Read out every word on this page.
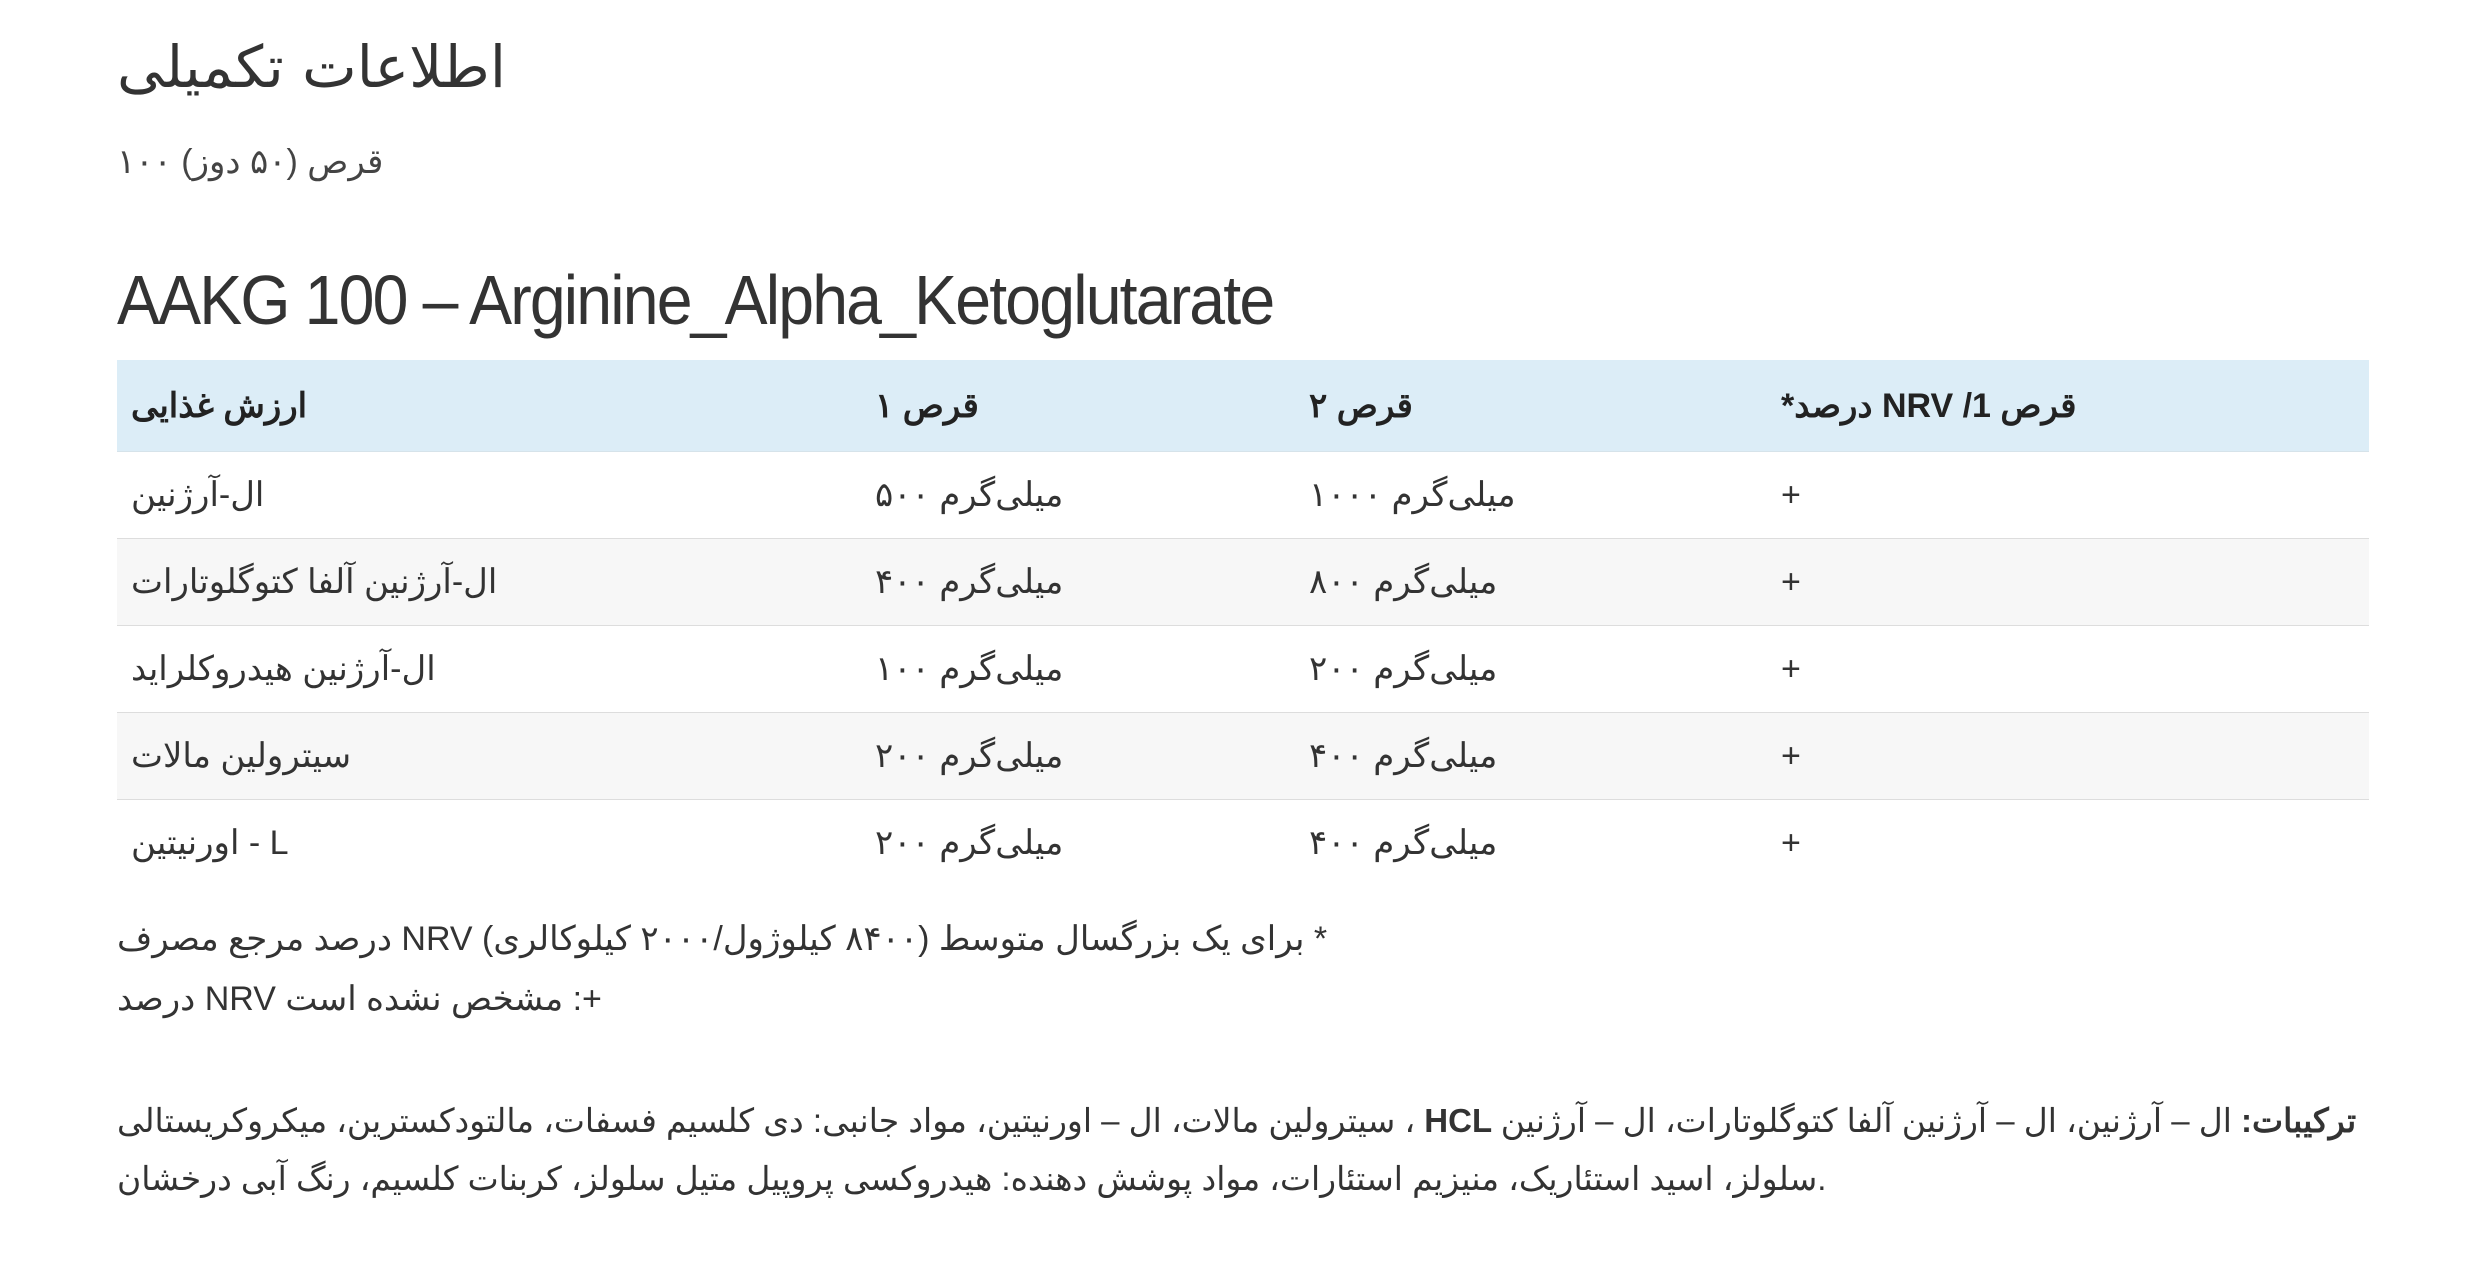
اطلاعات تکمیلی

قرص (۵۰ دوز) ۱۰۰

AAKG 100 – Arginine_Alpha_Ketoglutarate
ارزش غذایی	قرص ۱	قرص ۲	قرص 1/ NRV درصد*
ال-آرژنین	میلی‌گرم ۵۰۰	میلی‌گرم ۱۰۰۰	+
ال-آرژنین آلفا کتوگلوتارات	میلی‌گرم ۴۰۰	میلی‌گرم ۸۰۰	+
ال-آرژنین هیدروکلراید	میلی‌گرم ۱۰۰	میلی‌گرم ۲۰۰	+
سیترولین مالات	میلی‌گرم ۲۰۰	میلی‌گرم ۴۰۰	+
L - اورنیتین	میلی‌گرم ۲۰۰	میلی‌گرم ۴۰۰	+

* برای یک بزرگسال متوسط (۸۴۰۰ کیلوژول/۲۰۰۰ کیلوکالری) NRV درصد مرجع مصرف

+: مشخص نشده است NRV درصد

سیترولین مالات، ال – اورنیتین، مواد جانبی: دی کلسیم فسفات، مالتودکسترین، میکروکریستالی ، HCL ترکیبات: ال – آرژنین، ال – آرژنین آلفا کتوگلوتارات، ال – آرژنین
سلولز، اسید استئاریک، منیزیم استئارات، مواد پوشش دهنده: هیدروکسی پروپیل متیل سلولز، کربنات کلسیم، رنگ آبی درخشان.
